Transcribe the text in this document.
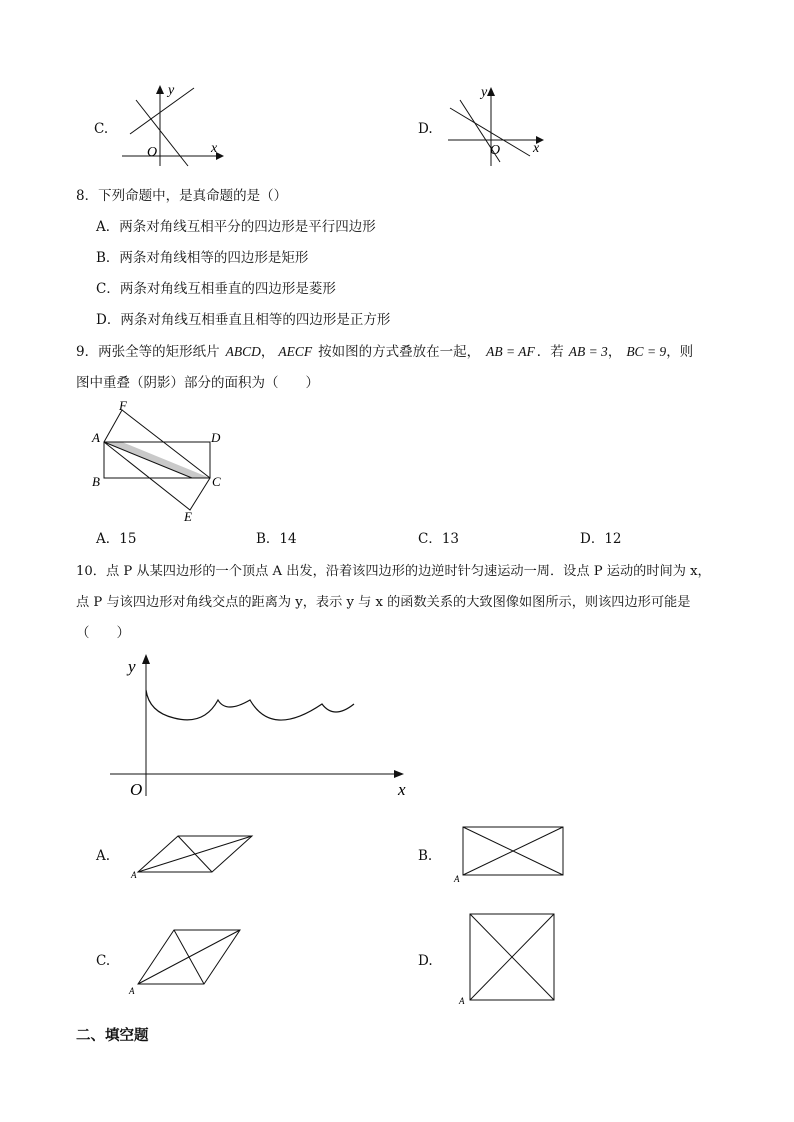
C.
y
x
O
D.
y
x
O
8．下列命题中，是真命题的是（）
A．两条对角线互相平分的四边形是平行四边形
B．两条对角线相等的四边形是矩形
C．两条对角线互相垂直的四边形是菱形
D．两条对角线互相垂直且相等的四边形是正方形
9．两张全等的矩形纸片 ABCD， AECF 按如图的方式叠放在一起， AB = AF ．若 AB = 3， BC = 9，则
图中重叠（阴影）部分的面积为（　　）
F
A	D
B	C
E
A．15	B．14	C．13	D．12
10．点 P 从某四边形的一个顶点 A 出发，沿着该四边形的边逆时针匀速运动一周．设点 P 运动的时间为 x，
点 P 与该四边形对角线交点的距离为 y，表示 y 与 x 的函数关系的大致图像如图所示，则该四边形可能是
（　　）
y
x
O
A.
A
B.
A
C.
A
D.
A
二、填空题
